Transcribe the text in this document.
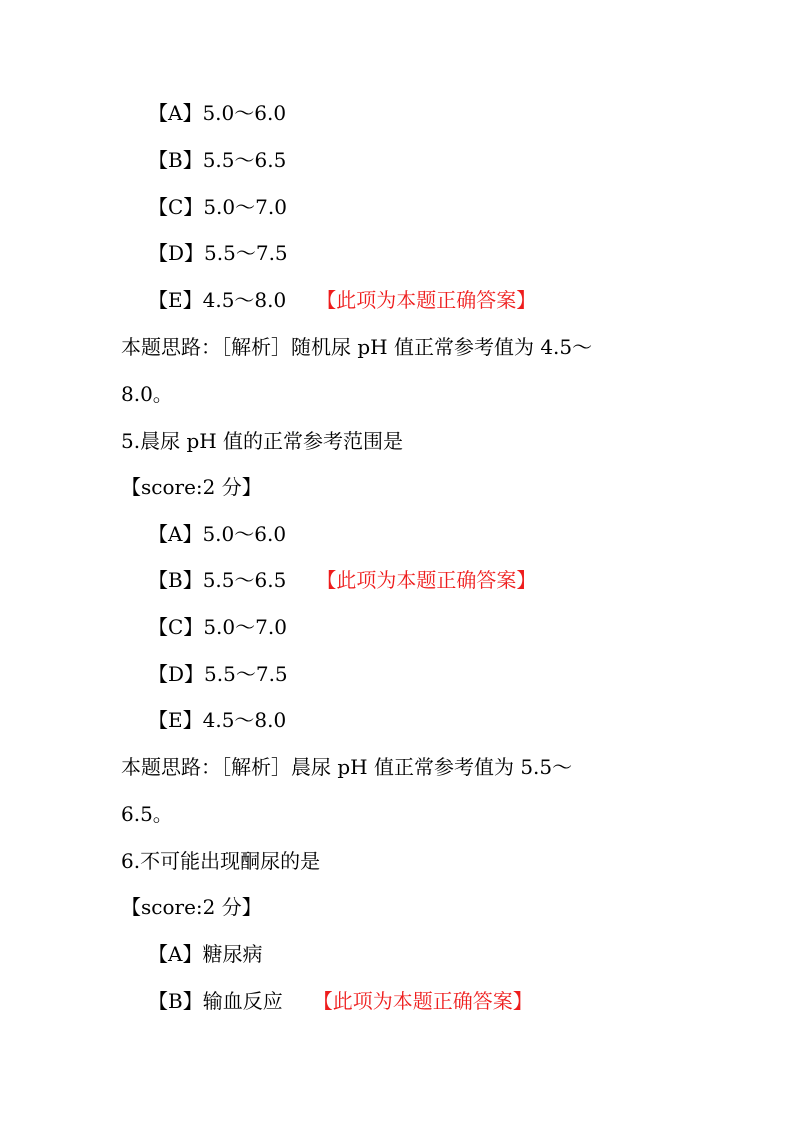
【A】5.0～6.0
【B】5.5～6.5
【C】5.0～7.0
【D】5.5～7.5
【E】4.5～8.0 【此项为本题正确答案】
本题思路：［解析］随机尿 pH 值正常参考值为 4.5～
8.0。
5.晨尿 pH 值的正常参考范围是
【score:2 分】
【A】5.0～6.0
【B】5.5～6.5 【此项为本题正确答案】
【C】5.0～7.0
【D】5.5～7.5
【E】4.5～8.0
本题思路：［解析］晨尿 pH 值正常参考值为 5.5～
6.5。
6.不可能出现酮尿的是
【score:2 分】
【A】糖尿病
【B】输血反应 【此项为本题正确答案】
